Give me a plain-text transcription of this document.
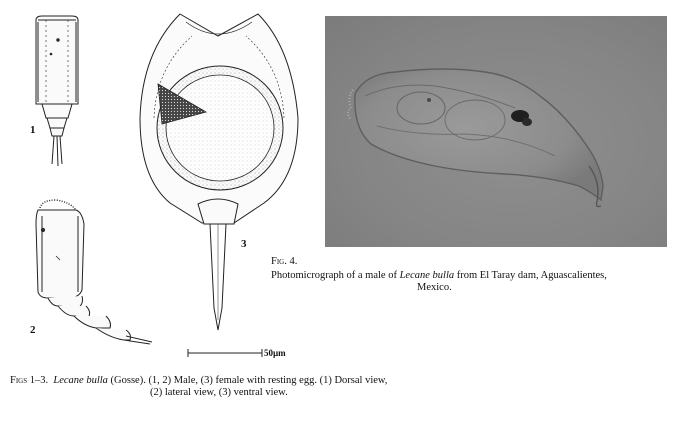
1
2
3
50µm
Fig. 4.
Photomicrograph of a male of Lecane bulla from El Taray dam, Aguascalientes,
Mexico.
Figs 1–3. Lecane bulla (Gosse). (1, 2) Male, (3) female with resting egg. (1) Dorsal view,
(2) lateral view, (3) ventral view.
